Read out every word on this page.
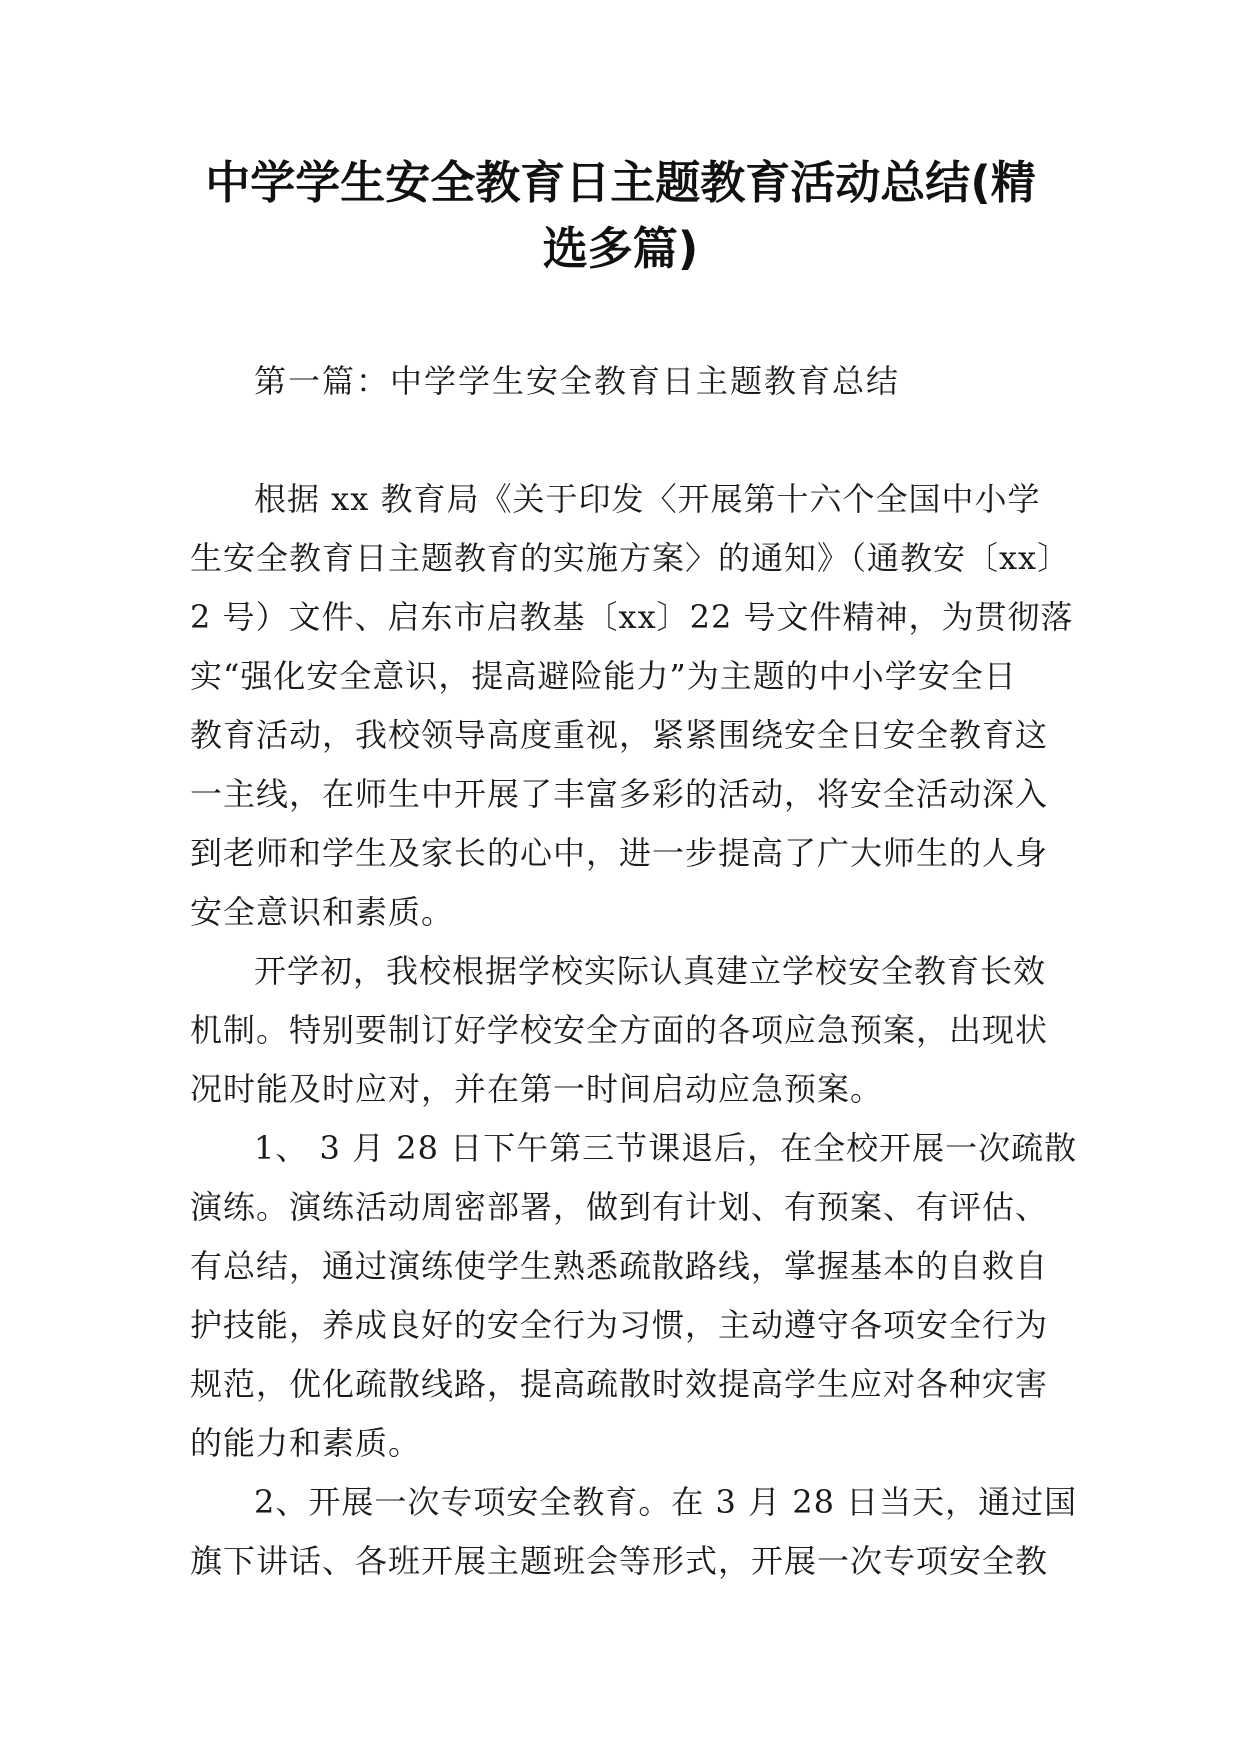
中学学生安全教育日主题教育活动总结(精
选多篇)

第一篇：中学学生安全教育日主题教育总结

根据 xx 教育局《关于印发〈开展第十六个全国中小学
生安全教育日主题教育的实施方案〉的通知》（通教安〔xx〕
2 号）文件、启东市启教基〔xx〕22 号文件精神，为贯彻落
实“强化安全意识，提高避险能力”为主题的中小学安全日
教育活动，我校领导高度重视，紧紧围绕安全日安全教育这
一主线，在师生中开展了丰富多彩的活动，将安全活动深入
到老师和学生及家长的心中，进一步提高了广大师生的人身
安全意识和素质。

开学初，我校根据学校实际认真建立学校安全教育长效
机制。特别要制订好学校安全方面的各项应急预案，出现状
况时能及时应对，并在第一时间启动应急预案。

1、 3 月 28 日下午第三节课退后，在全校开展一次疏散
演练。演练活动周密部署，做到有计划、有预案、有评估、
有总结，通过演练使学生熟悉疏散路线，掌握基本的自救自
护技能，养成良好的安全行为习惯，主动遵守各项安全行为
规范，优化疏散线路，提高疏散时效提高学生应对各种灾害
的能力和素质。

2、开展一次专项安全教育。在 3 月 28 日当天，通过国
旗下讲话、各班开展主题班会等形式，开展一次专项安全教
